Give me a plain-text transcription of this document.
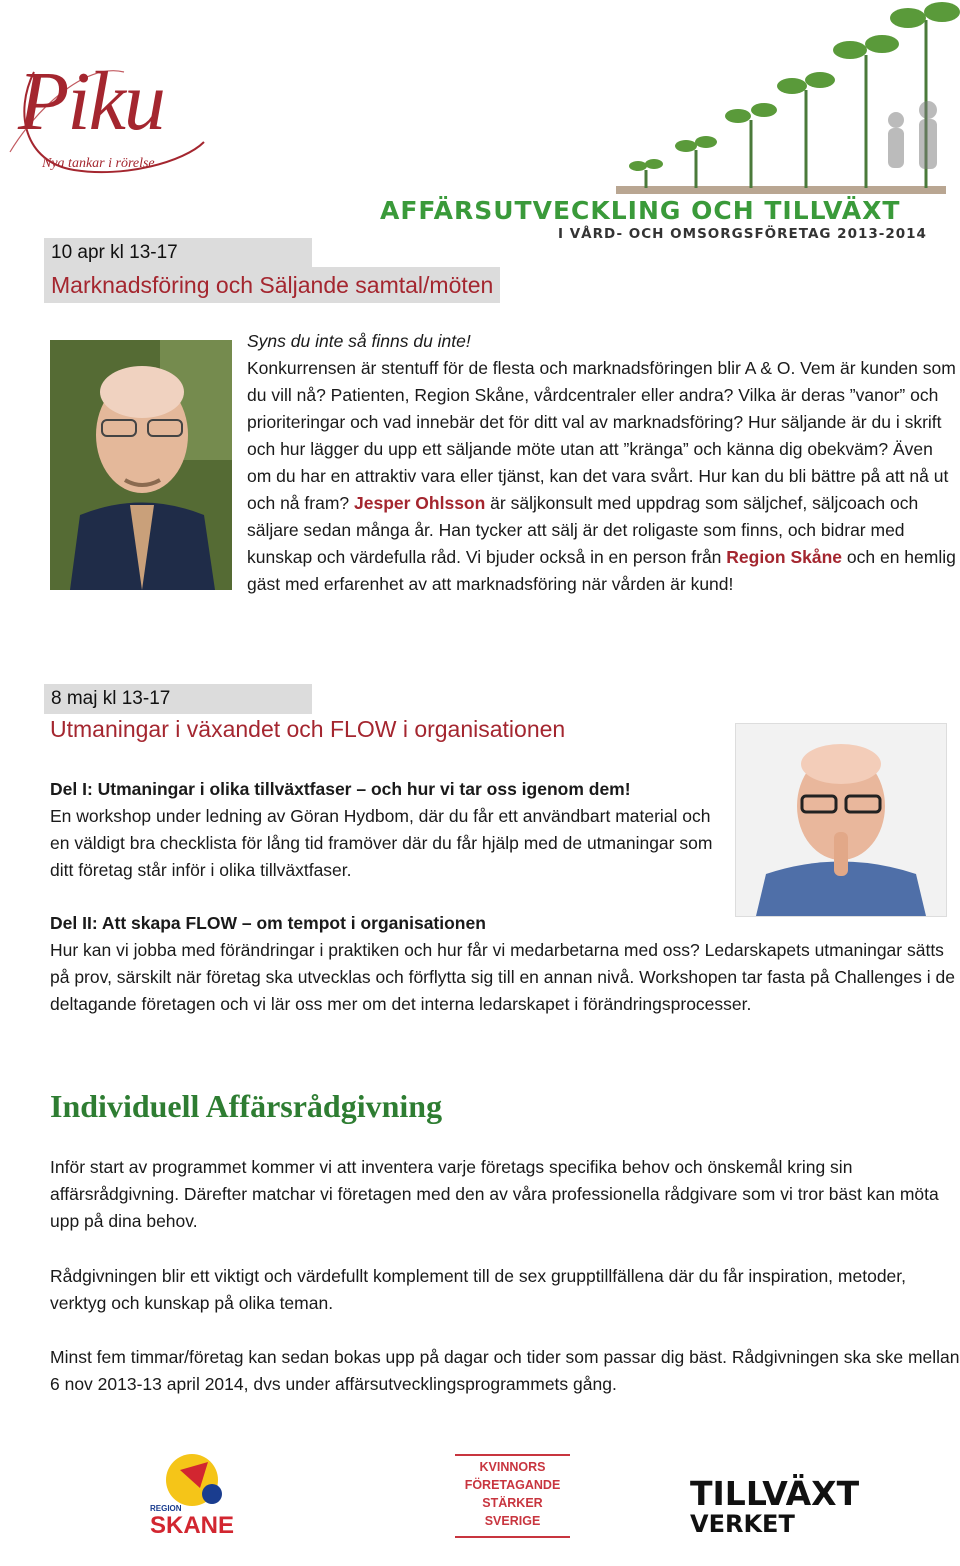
Piku
Nya tankar i rörelse
AFFÄRSUTVECKLING OCH TILLVÄXT
I VÅRD- OCH OMSORGSFÖRETAG 2013-2014
10 apr kl 13-17
Marknadsföring och Säljande samtal/möten
Syns du inte så finns du inte!
Konkurrensen är stentuff för de flesta och marknadsföringen blir A & O. Vem är kunden som du vill nå? Patienten, Region Skåne, vårdcentraler eller andra? Vilka är deras ”vanor” och prioriteringar och vad innebär det för ditt val av marknadsföring? Hur säljande är du i skrift och hur lägger du upp ett säljande möte utan att ”kränga” och känna dig obekväm? Även om du har en attraktiv vara eller tjänst, kan det vara svårt. Hur kan du bli bättre på att nå ut och nå fram? Jesper Ohlsson är säljkonsult med uppdrag som säljchef, säljcoach och säljare sedan många år. Han tycker att sälj är det roligaste som finns, och bidrar med kunskap och värdefulla råd. Vi bjuder också in en person från Region Skåne och en hemlig gäst med erfarenhet av att marknadsföring när vården är kund!
8 maj kl 13-17
Utmaningar i växandet och FLOW i organisationen
Del I: Utmaningar i olika tillväxtfaser – och hur vi tar oss igenom dem!
En workshop under ledning av Göran Hydbom, där du får ett användbart material och en väldigt bra checklista för lång tid framöver där du får hjälp med de utmaningar som ditt företag står inför i olika tillväxtfaser.
Del II: Att skapa FLOW – om tempot i organisationen
Hur kan vi jobba med förändringar i praktiken och hur får vi medarbetarna med oss? Ledarskapets utmaningar sätts på prov, särskilt när företag ska utvecklas och förflytta sig till en annan nivå. Workshopen tar fasta på Challenges i de deltagande företagen och vi lär oss mer om det interna ledarskapet i förändringsprocesser.
Individuell Affärsrådgivning
Inför start av programmet kommer vi att inventera varje företags specifika behov och önskemål kring sin affärsrådgivning. Därefter matchar vi företagen med den av våra professionella rådgivare som vi tror bäst kan möta upp på dina behov.
Rådgivningen blir ett viktigt och värdefullt komplement till de sex grupptillfällena där du får inspiration, metoder, verktyg och kunskap på olika teman.
Minst fem timmar/företag kan sedan bokas upp på dagar och tider som passar dig bäst. Rådgivningen ska ske mellan 6 nov 2013-13 april 2014, dvs under affärsutvecklingsprogrammets gång.
REGION
SKANE
KVINNORS
FÖRETAGANDE
STÄRKER
SVERIGE
TILLVÄXT
VERKET
